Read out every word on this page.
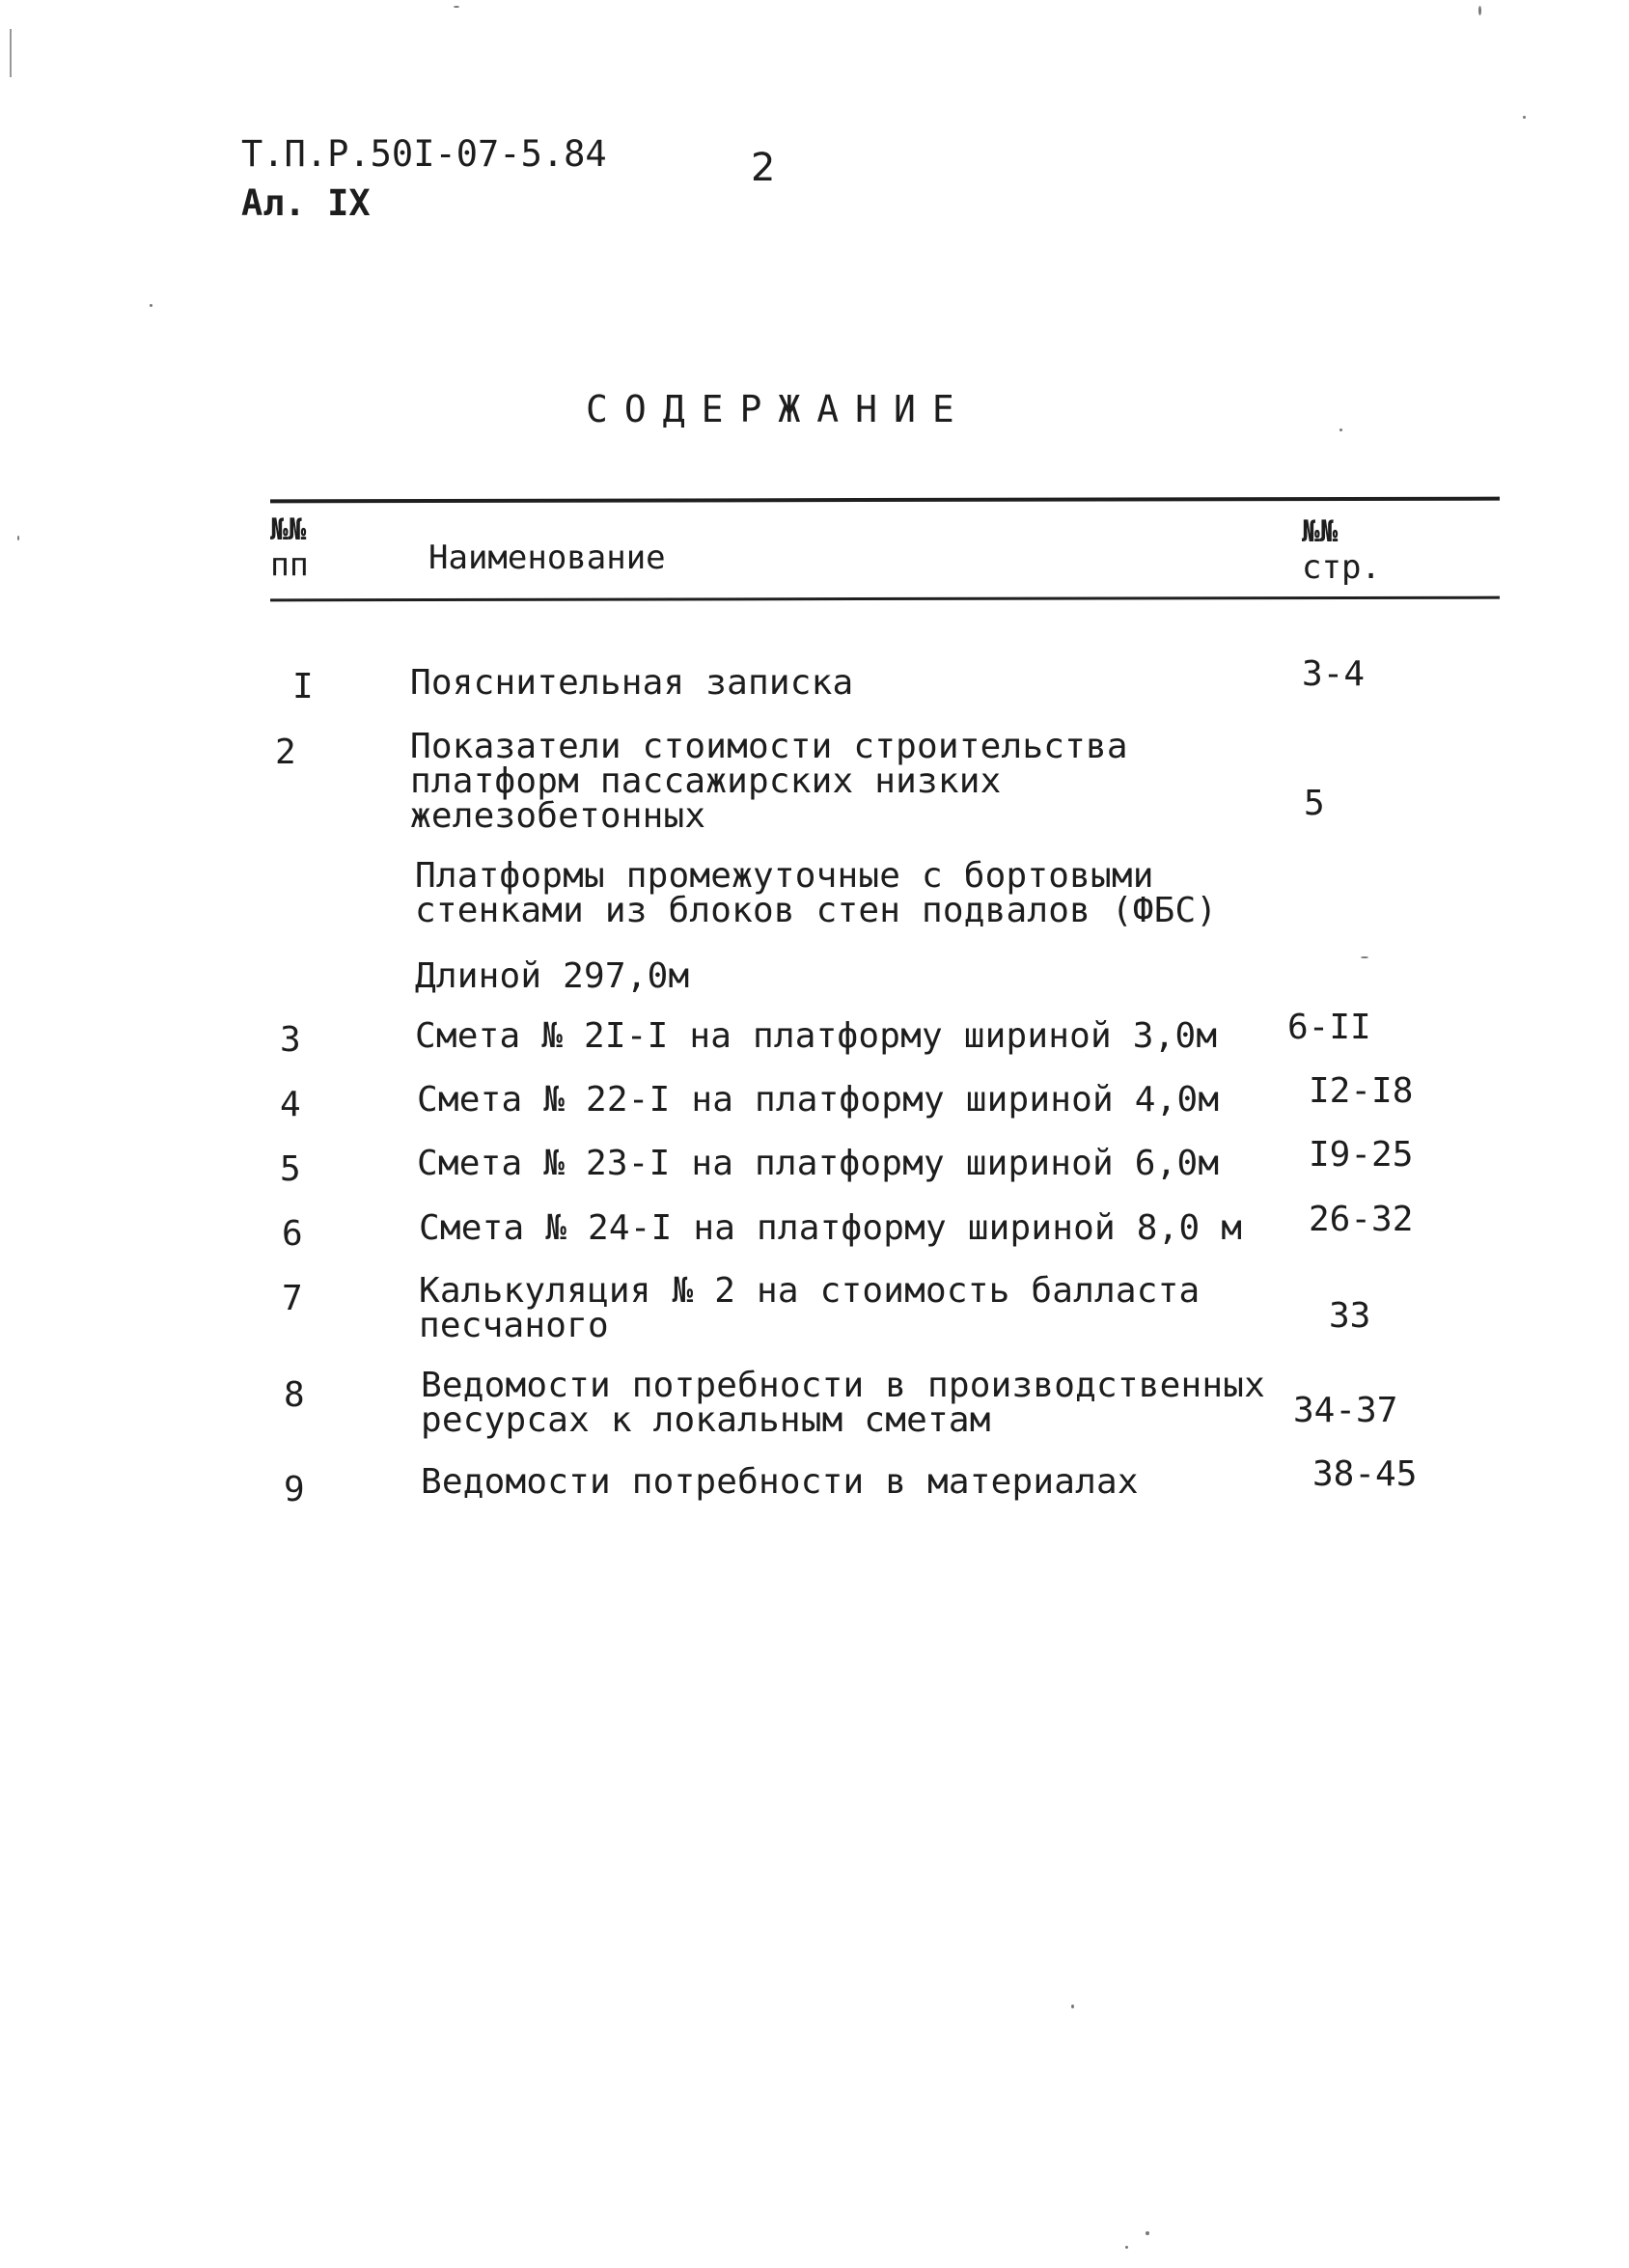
Т.П.Р.50I-07-5.84
Ал. IX
2
СОДЕРЖАНИЕ
№№
пп	Наименование
№№
стр.
I	Пояснительная записка	3-4
2	Показатели стоимости строительства
платформ пассажирских низких
железобетонных	5
Платформы промежуточные с бортовыми
стенками из блоков стен подвалов (ФБС)
Длиной 297,0м
3	Смета № 2I-I на платформу шириной 3,0м 6-II
4	Смета № 22-I на платформу шириной 4,0м	I2-I8
5	Смета № 23-I на платформу шириной 6,0м	I9-25
6	Смета № 24-I на платформу шириной 8,0 м 26-32
7	Калькуляция № 2 на стоимость балласта
песчаного	33
8	Ведомости потребности в производственных
ресурсах к локальным сметам	34-37
9	Ведомости потребности в материалах	38-45
